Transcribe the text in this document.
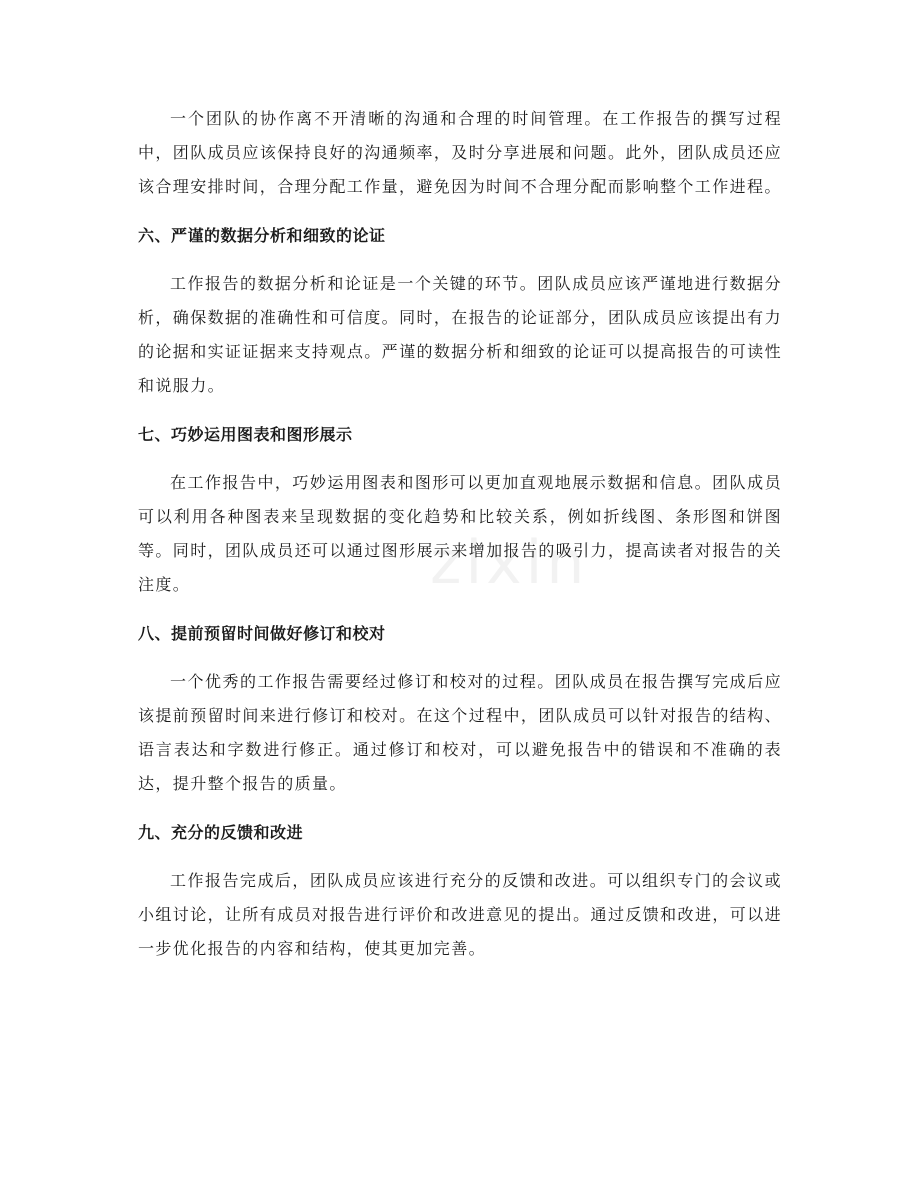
一个团队的协作离不开清晰的沟通和合理的时间管理。在工作报告的撰写过程中，团队成员应该保持良好的沟通频率，及时分享进展和问题。此外，团队成员还应该合理安排时间，合理分配工作量，避免因为时间不合理分配而影响整个工作进程。

六、严谨的数据分析和细致的论证

工作报告的数据分析和论证是一个关键的环节。团队成员应该严谨地进行数据分析，确保数据的准确性和可信度。同时，在报告的论证部分，团队成员应该提出有力的论据和实证证据来支持观点。严谨的数据分析和细致的论证可以提高报告的可读性和说服力。

七、巧妙运用图表和图形展示

在工作报告中，巧妙运用图表和图形可以更加直观地展示数据和信息。团队成员可以利用各种图表来呈现数据的变化趋势和比较关系，例如折线图、条形图和饼图等。同时，团队成员还可以通过图形展示来增加报告的吸引力，提高读者对报告的关注度。

八、提前预留时间做好修订和校对

一个优秀的工作报告需要经过修订和校对的过程。团队成员在报告撰写完成后应该提前预留时间来进行修订和校对。在这个过程中，团队成员可以针对报告的结构、语言表达和字数进行修正。通过修订和校对，可以避免报告中的错误和不准确的表达，提升整个报告的质量。

九、充分的反馈和改进

工作报告完成后，团队成员应该进行充分的反馈和改进。可以组织专门的会议或小组讨论，让所有成员对报告进行评价和改进意见的提出。通过反馈和改进，可以进一步优化报告的内容和结构，使其更加完善。

zixin
